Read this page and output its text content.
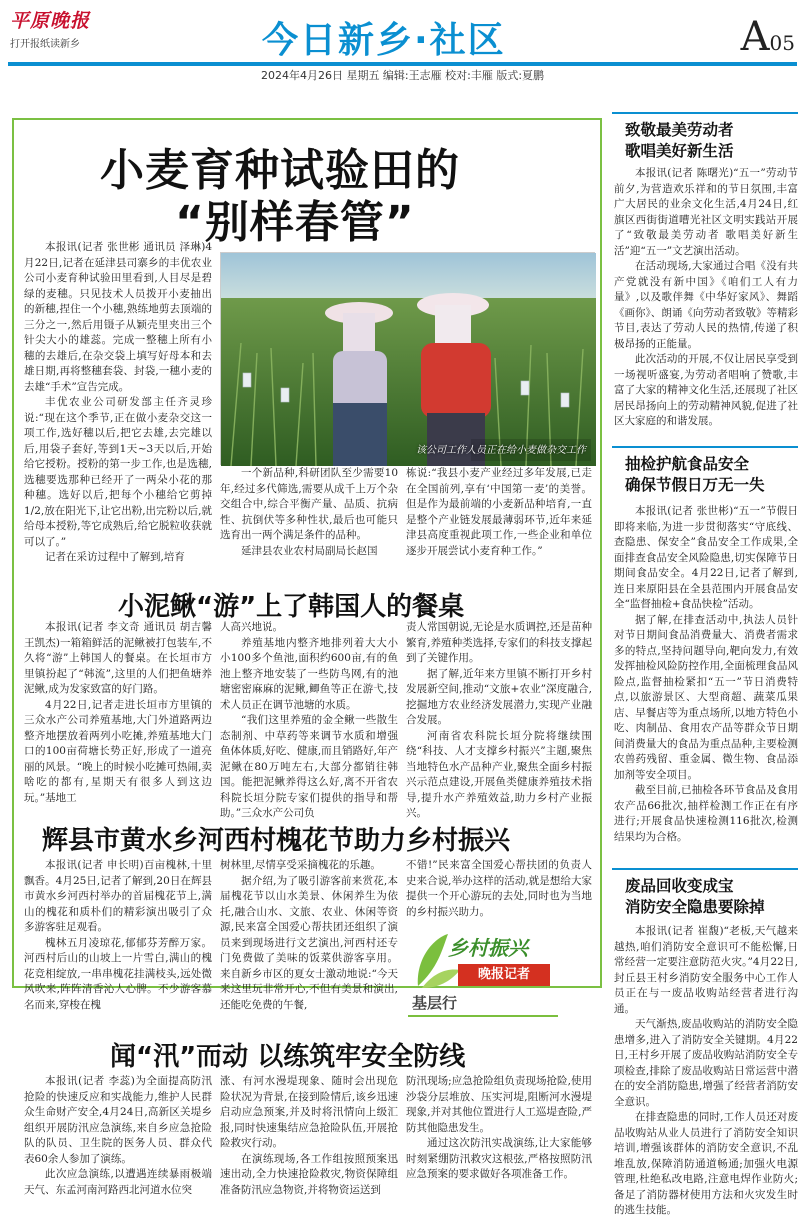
平原晚报
打开报纸读新乡	今日新乡·社区	A05
2024年4月26日 星期五 编辑:王志雁 校对:丰雁 版式:夏鹏
小麦育种试验田的
“别样春管”

本报讯(记者 张世彬 通讯员 泽琳)4月22日,记者在延津县司寨乡的丰优农业公司小麦育种试验田里看到,人目尽是碧绿的麦穗。只见技术人员拨开小麦抽出的新穗,捏住一个小穗,熟练地剪去顶端的三分之一,然后用镊子从颖壳里夹出三个针尖大小的雄蕊。完成一整穗上所有小穗的去雄后,在杂交袋上填写好母本和去雄日期,再将整穗套袋、封袋,一穗小麦的去雄“手术”宣告完成。

丰优农业公司研发部主任齐灵珍说:“现在这个季节,正在做小麦杂交这一项工作,选好穗以后,把它去雄,去完雄以后,用袋子套好,等到1天~3天以后,开始给它授粉。授粉的第一步工作,也是选穗,选穗要选那种已经开了一两朵小花的那种穗。选好以后,把每个小穗给它剪掉1/2,放在阳光下,让它出粉,出完粉以后,就给母本授粉,等它成熟后,给它脱粒收获就可以了。”

记者在采访过程中了解到,培育

该公司工作人员正在给小麦做杂交工作

一个新品种,科研团队至少需要10年,经过多代筛选,需要从成千上万个杂交组合中,综合平衡产量、品质、抗病性、抗倒伏等多种性状,最后也可能只选育出一两个满足条件的品种。

延津县农业农村局副局长赵国

栋说:“我县小麦产业经过多年发展,已走在全国前列,享有‘中国第一麦’的美誉。但是作为最前端的小麦新品种培育,一直是整个产业链发展最薄弱环节,近年来延津县高度重视此项工作,一些企业和单位逐步开展尝试小麦育种工作。”

小泥鳅“游”上了韩国人的餐桌

本报讯(记者 李文奇 通讯员 胡吉馨 王凯杰)一箱箱鲜活的泥鳅被打包装车,不久将“游”上韩国人的餐桌。在长垣市方里镇扮起了“韩流”,这里的人们把鱼塘养泥鳅,成为发家致富的好门路。

4月22日,记者走进长垣市方里镇的三众水产公司养殖基地,大门外道路两边整齐地摆放着两列小吃摊,养殖基地大门口的100亩荷塘长势正好,形成了一道亮丽的风景。“晚上的时候小吃摊可热闹,卖啥吃的都有,星期天有很多人到这边玩。”基地工

人高兴地说。

养殖基地内整齐地排列着大大小小100多个鱼池,面积约600亩,有的鱼池上整齐地安装了一些防鸟网,有的池塘密密麻麻的泥鳅,鲫鱼等正在游弋,技术人员正在调节池塘的水质。

“我们这里养殖的金全鳅一些散生态制剂、中草药等来调节水质和增强鱼体体质,好吃、健康,而且销路好,年产泥鳅在80万吨左右,大部分都销往韩国。能把泥鳅养得这么好,离不开省农科院长垣分院专家们提供的指导和帮助。”三众水产公司负

责人常国朝说,无论是水质调控,还是苗种繁育,养殖种类选择,专家们的科技支撑起到了关键作用。

据了解,近年来方里镇不断打开乡村发展新空间,推动“文旅+农业”深度融合,挖掘地方农业经济发展潜力,实现产业融合发展。

河南省农科院长垣分院将继续围绕“科技、人才支撑乡村振兴”主题,聚焦当地特色水产品种产业,聚焦全面乡村振兴示范点建设,开展鱼类健康养殖技术指导,提升水产养殖效益,助力乡村产业振兴。

辉县市黄水乡河西村槐花节助力乡村振兴

本报讯(记者 申长明)百亩槐林,十里飘香。4月25日,记者了解到,20日在辉县市黄水乡河西村举办的首届槐花节上,满山的槐花和质朴们的精彩演出吸引了众多游客驻足观看。

槐林五月凌琼花,郁郁芬芳醉万家。河西村后山的山坡上一片雪白,满山的槐花竞相绽放,一串串槐花挂满枝头,远处微风吹来,阵阵清香沁人心脾。不少游客慕名而来,穿梭在槐

树林里,尽情享受采摘槐花的乐趣。

据介绍,为了吸引游客前来赏花,本届槐花节以山水美景、休闲养生为依托,融合山水、文旅、农业、休闲等资源,民来富全国爱心帮扶团还组织了演员来到现场进行文艺演出,河西村还专门免费做了美味的饭菜供游客享用。来自新乡市区的夏女士激动地说:“今天来这里玩非常开心,不但有美景和演出,还能吃免费的午餐,

不错!”民来富全国爱心帮扶团的负责人史来合说,举办这样的活动,就是想给大家提供一个开心游玩的去处,同时也为当地的乡村振兴助力。

乡村振兴
晚报记者
基层行
闻“汛”而动 以练筑牢安全防线

本报讯(记者 李蕊)为全面提高防汛抢险的快速反应和实战能力,维护人民群众生命财产安全,4月24日,高新区关堤乡组织开展防汛应急演练,来自乡应急抢险队的队员、卫生院的医务人员、群众代表60余人参加了演练。

此次应急演练,以遭遇连续暴雨极端天气、东孟河南河路西北河道水位突

涨、有河水漫堤现象、随时会出现危险状况为背景,在接到险情后,该乡迅速启动应急预案,并及时将汛情向上级汇报,同时快速集结应急抢险队伍,开展抢险救灾行动。

在演练现场,各工作组按照预案迅速出动,全力快速抢险救灾,物资保障组准备防汛应急物资,并将物资运送到

防汛现场;应急抢险组负责现场抢险,使用沙袋分层堆放、压实河堤,阻断河水漫堤现象,并对其他位置进行人工巡堤查险,严防其他隐患发生。

通过这次防汛实战演练,让大家能够时刻紧绷防汛救灾这根弦,严格按照防汛应急预案的要求做好各项准备工作。

致敬最美劳动者
歌唱美好新生活

本报讯(记者 陈曙光)“五一”劳动节前夕,为营造欢乐祥和的节日氛围,丰富广大居民的业余文化生活,4月24日,红旗区西街街道嘈光社区文明实践站开展了“致敬最美劳动者 歌唱美好新生活”迎“五一”文艺演出活动。

在活动现场,大家通过合唱《没有共产党就没有新中国》《咱们工人有力量》,以及歌伴舞《中华好家风》、舞蹈《画你》、朗诵《向劳动者致敬》等精彩节目,表达了劳动人民的热情,传递了积极昂扬的正能量。

此次活动的开展,不仅让居民享受到一场视听盛宴,为劳动者唱响了赞歌,丰富了大家的精神文化生活,还展现了社区居民昂扬向上的劳动精神风貌,促进了社区大家庭的和谐发展。

抽检护航食品安全
确保节假日万无一失

本报讯(记者 张世彬)“五一”节假日即将来临,为进一步贯彻落实“守底线、查隐患、保安全”食品安全工作成果,全面排查食品安全风险隐患,切实保障节日期间食品安全。4月22日,记者了解到,连日来原阳县在全县范围内开展食品安全“监督抽检+食品快检”活动。

据了解,在排查活动中,执法人员针对节日期间食品消费量大、消费者需求多的特点,坚持问题导向,靶向发力,有效发挥抽检风险防控作用,全面梳理食品风险点,监督抽检紧扣“五一”节日消费特点,以旅游景区、大型商超、蔬菜瓜果店、早餐店等为重点场所,以地方特色小吃、肉制品、食用农产品等群众节日期间消费量大的食品为重点品种,主要检测农兽药残留、重金属、微生物、食品添加剂等安全项目。

截至目前,已抽检各环节食品及食用农产品66批次,抽样检测工作正在有序进行;开展食品快速检测116批次,检测结果均为合格。

废品回收变成宝
消防安全隐患要除掉

本报讯(记者 崔馥)“老板,天气越来越热,咱们消防安全意识可不能松懈,日常经营一定要注意防范火灾。”4月22日,封丘县王村乡消防安全服务中心工作人员正在与一废品收购站经营者进行沟通。

天气渐热,废品收购站的消防安全隐患增多,进入了消防安全关键期。4月22日,王村乡开展了废品收购站消防安全专项检查,排除了废品收购站日常运营中潜在的安全消防隐患,增强了经营者消防安全意识。

在排查隐患的同时,工作人员还对废品收购站从业人员进行了消防安全知识培训,增强该群体的消防安全意识,不乱堆乱放,保障消防通道畅通;加强火电源管理,杜绝私改电路,注意电焊作业防火;备足了消防器材使用方法和火灾发生时的逃生技能。
